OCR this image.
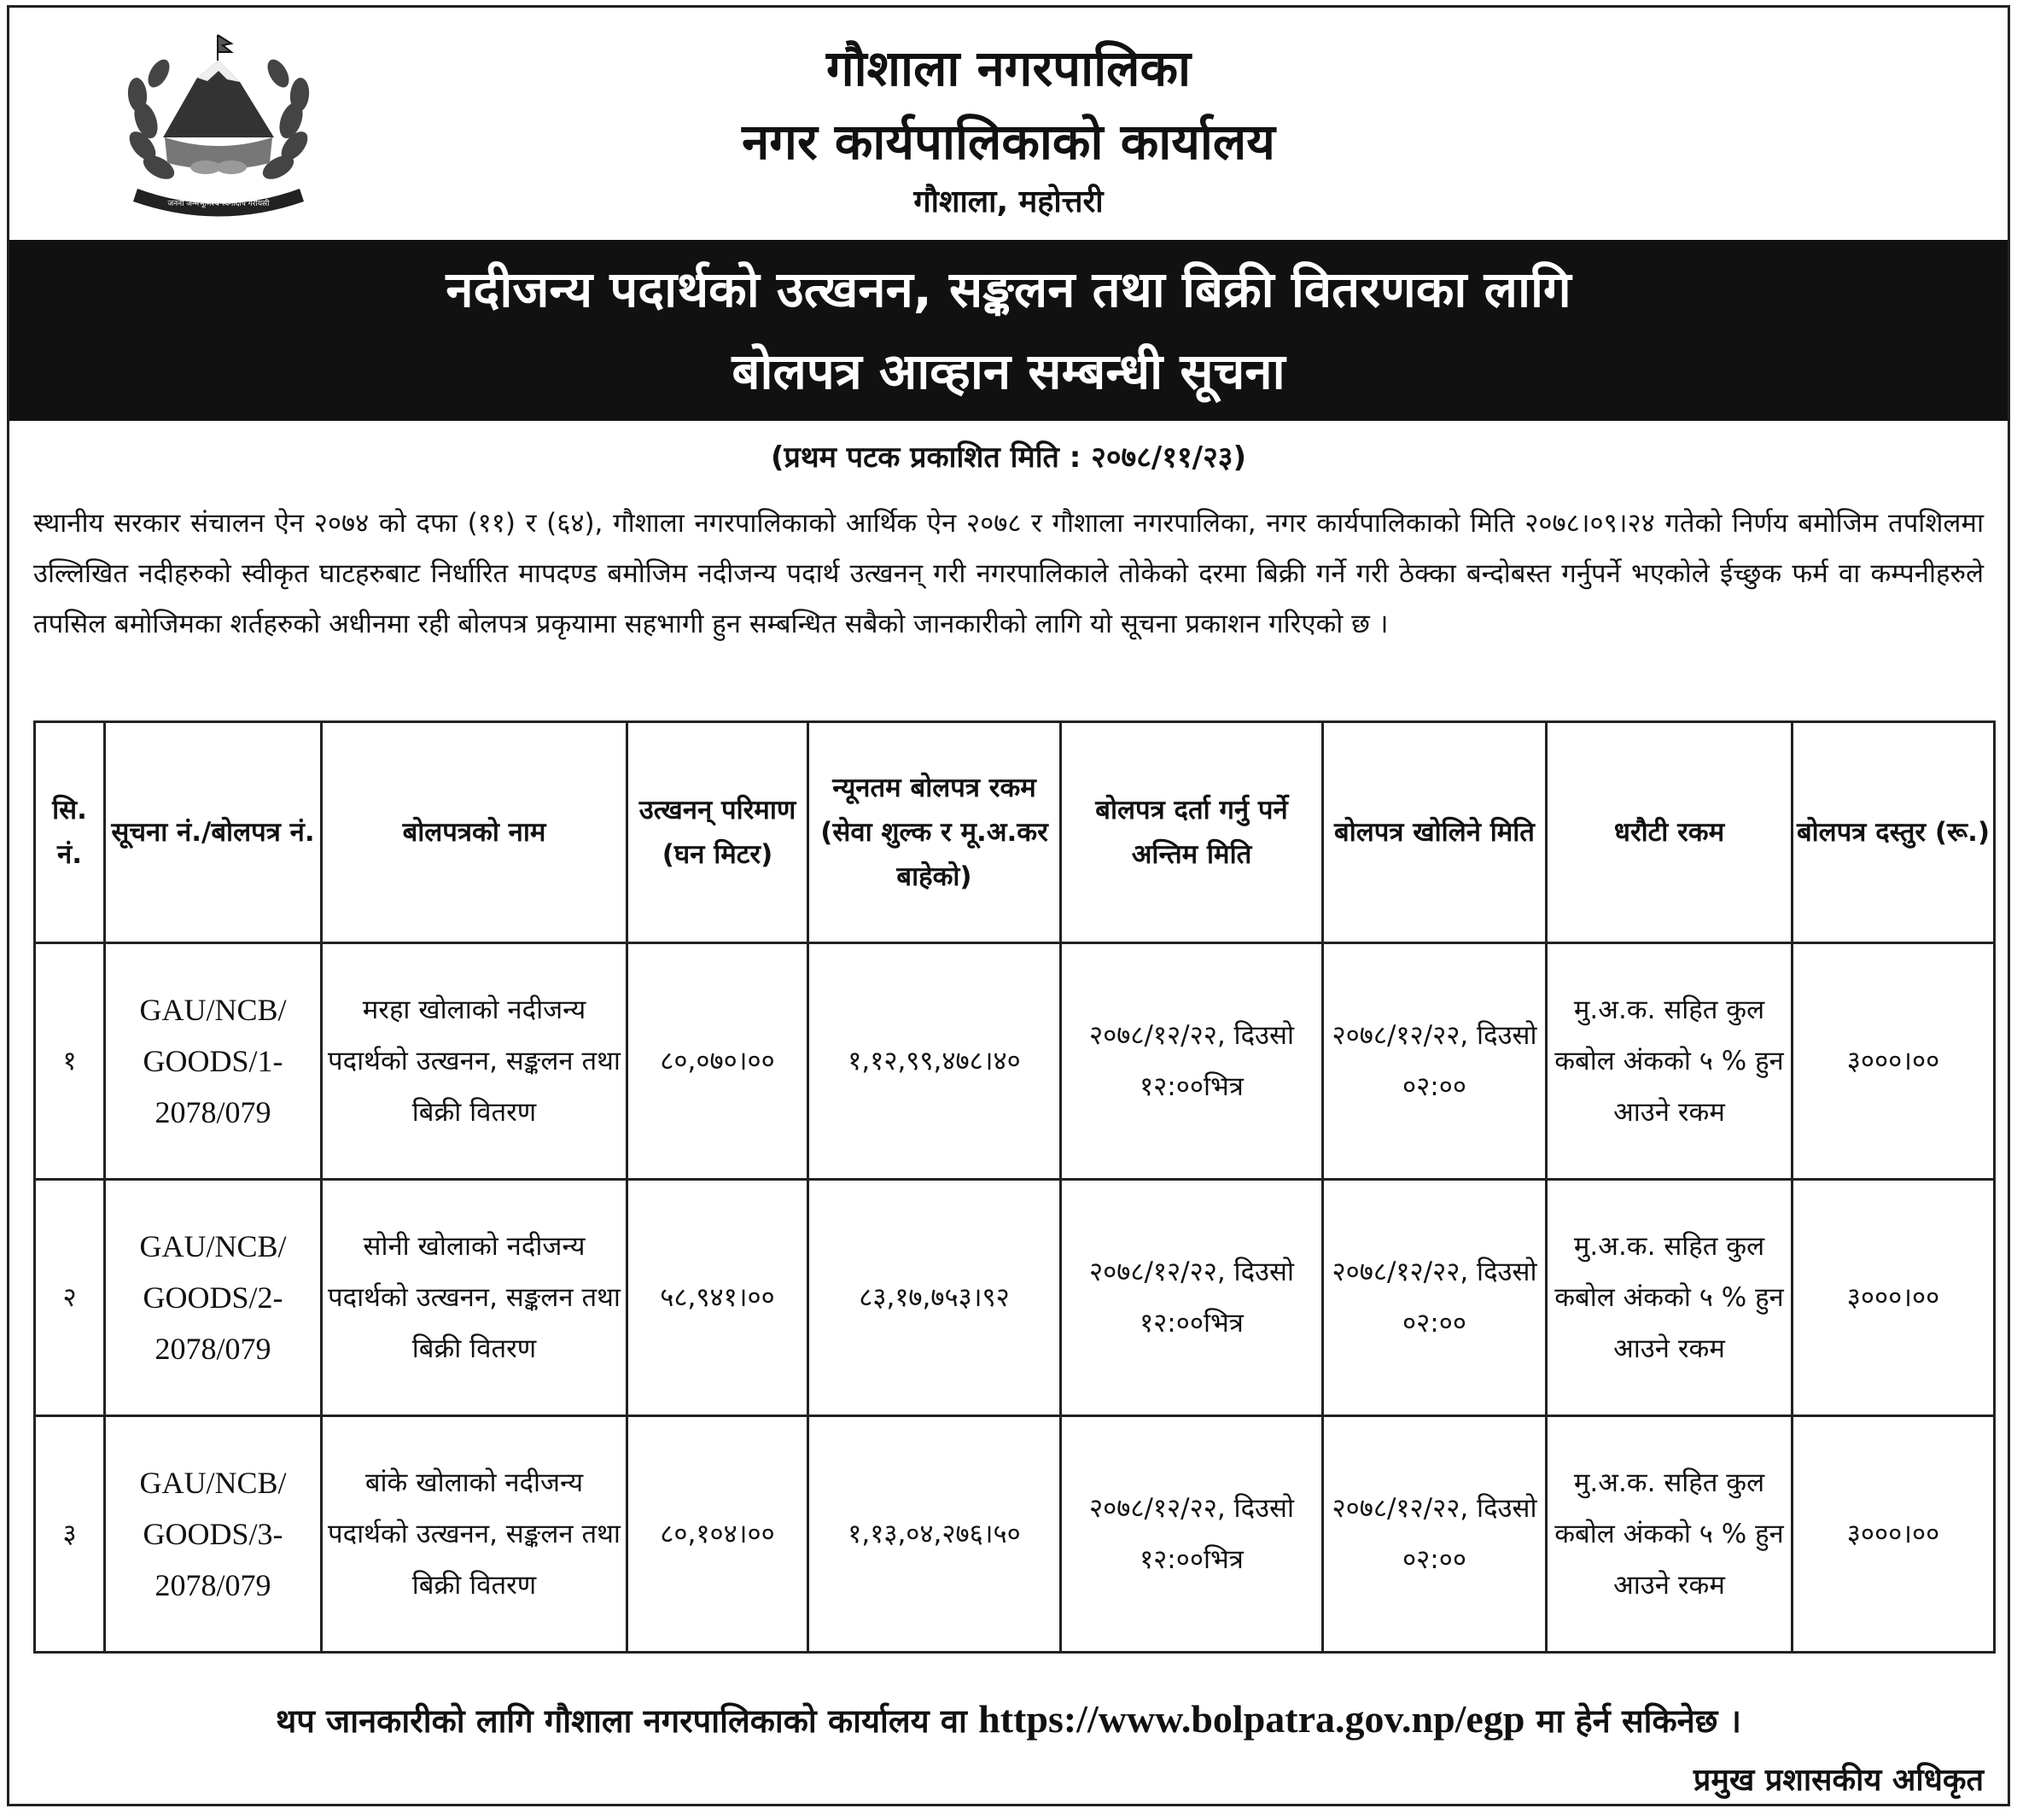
जननी जन्मभूमिश्च स्वर्गादपि गरीयसी
गौशाला नगरपालिका
नगर कार्यपालिकाको कार्यालय
गौशाला, महोत्तरी
नदीजन्य पदार्थको उत्खनन, सङ्कलन तथा बिक्री वितरणका लागि
बोलपत्र आव्हान सम्बन्धी सूचना
(प्रथम पटक प्रकाशित मिति : २०७८/११/२३)
स्थानीय सरकार संचालन ऐन २०७४ को दफा (११) र (६४), गौशाला नगरपालिकाको आर्थिक ऐन २०७८ र गौशाला नगरपालिका, नगर कार्यपालिकाको मिति २०७८।०९।२४ गतेको निर्णय बमोजिम तपशिलमा उल्लिखित नदीहरुको स्वीकृत घाटहरुबाट निर्धारित मापदण्ड बमोजिम नदीजन्य पदार्थ उत्खनन् गरी नगरपालिकाले तोकेको दरमा बिक्री गर्ने गरी ठेक्का बन्दोबस्त गर्नुपर्ने भएकोले ईच्छुक फर्म वा कम्पनीहरुले तपसिल बमोजिमका शर्तहरुको अधीनमा रही बोलपत्र प्रकृयामा सहभागी हुन सम्बन्धित सबैको जानकारीको लागि यो सूचना प्रकाशन गरिएको छ ।
सि. नं.	सूचना नं./बोलपत्र नं.	बोलपत्रको नाम	उत्खनन् परिमाण (घन मिटर)	न्यूनतम बोलपत्र रकम (सेवा शुल्क र मू.अ.कर बाहेको)	बोलपत्र दर्ता गर्नु पर्ने अन्तिम मिति	बोलपत्र खोलिने मिति	धरौटी रकम	बोलपत्र दस्तुर (रू.)
१	GAU/NCB/ GOODS/1- 2078/079	मरहा खोलाको नदीजन्य पदार्थको उत्खनन, सङ्कलन तथा बिक्री वितरण	८०,०७०।००	१,१२,९९,४७८।४०	२०७८/१२/२२, दिउसो १२:००भित्र	२०७८/१२/२२, दिउसो ०२:००	मु.अ.क. सहित कुल कबोल अंकको ५ % हुन आउने रकम	३०००।००
२	GAU/NCB/ GOODS/2- 2078/079	सोनी खोलाको नदीजन्य पदार्थको उत्खनन, सङ्कलन तथा बिक्री वितरण	५८,९४१।००	८३,१७,७५३।९२	२०७८/१२/२२, दिउसो १२:००भित्र	२०७८/१२/२२, दिउसो ०२:००	मु.अ.क. सहित कुल कबोल अंकको ५ % हुन आउने रकम	३०००।००
३	GAU/NCB/ GOODS/3- 2078/079	बांके खोलाको नदीजन्य पदार्थको उत्खनन, सङ्कलन तथा बिक्री वितरण	८०,१०४।००	१,१३,०४,२७६।५०	२०७८/१२/२२, दिउसो १२:००भित्र	२०७८/१२/२२, दिउसो ०२:००	मु.अ.क. सहित कुल कबोल अंकको ५ % हुन आउने रकम	३०००।००
थप जानकारीको लागि गौशाला नगरपालिकाको कार्यालय वा https://www.bolpatra.gov.np/egp मा हेर्न सकिनेछ ।
प्रमुख प्रशासकीय अधिकृत
